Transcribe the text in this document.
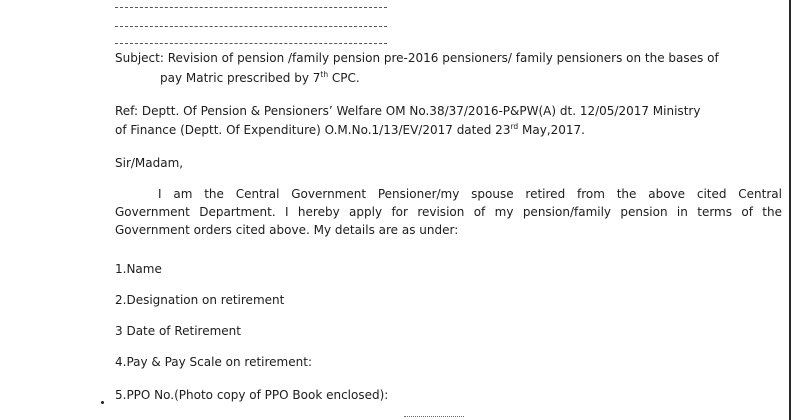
Subject: Revision of pension /family pension pre-2016 pensioners/ family pensioners on the bases of
pay Matric prescribed by 7th CPC.
Ref: Deptt. Of Pension & Pensioners’ Welfare OM No.38/37/2016-P&PW(A) dt. 12/05/2017 Ministry
of Finance (Deptt. Of Expenditure) O.M.No.1/13/EV/2017 dated 23rd May,2017.
Sir/Madam,
I am the Central Government Pensioner/my spouse retired from the above cited Central
Government Department. I hereby apply for revision of my pension/family pension in terms of the
Government orders cited above. My details are as under:
1.Name
2.Designation on retirement
3 Date of Retirement
4.Pay & Pay Scale on retirement:
5.PPO No.(Photo copy of PPO Book enclosed):
